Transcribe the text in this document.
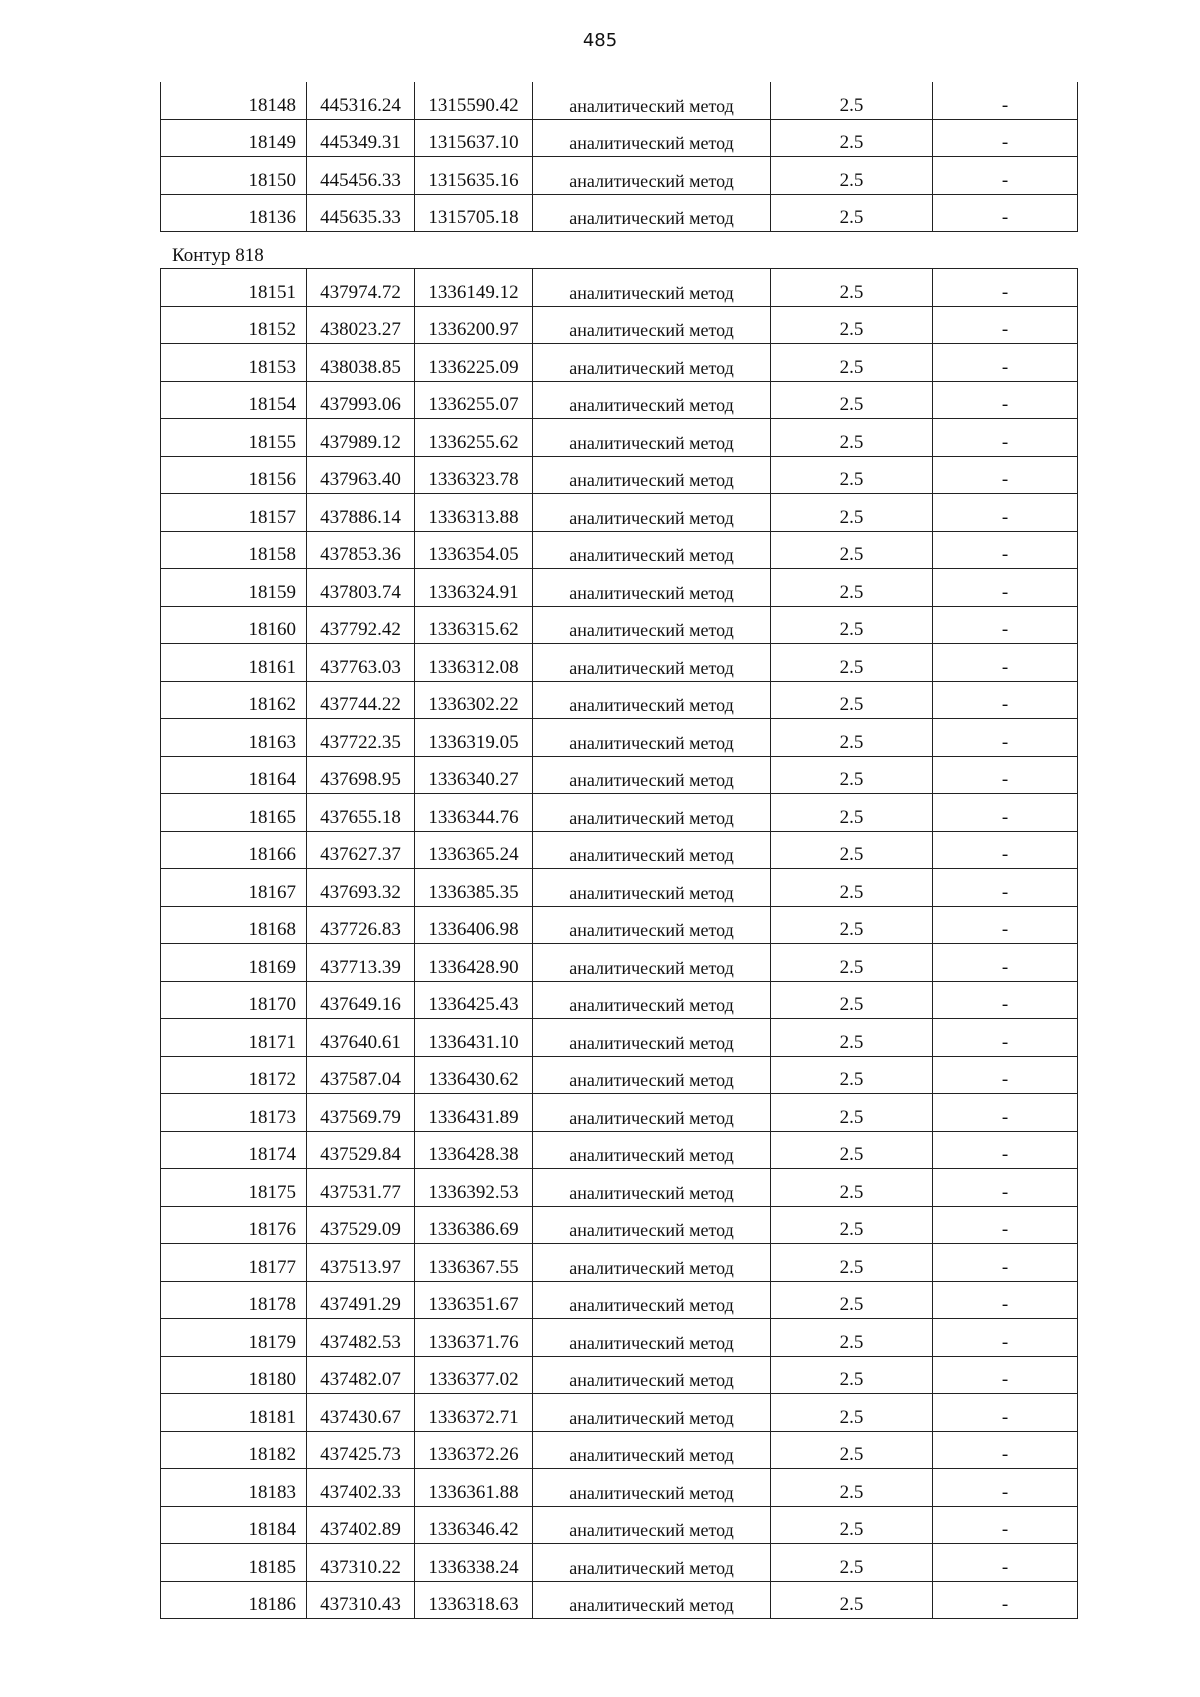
485
18148	445316.24	1315590.42	аналитический метод	2.5	-
18149	445349.31	1315637.10	аналитический метод	2.5	-
18150	445456.33	1315635.16	аналитический метод	2.5	-
18136	445635.33	1315705.18	аналитический метод	2.5	-
Контур 818
18151	437974.72	1336149.12	аналитический метод	2.5	-
18152	438023.27	1336200.97	аналитический метод	2.5	-
18153	438038.85	1336225.09	аналитический метод	2.5	-
18154	437993.06	1336255.07	аналитический метод	2.5	-
18155	437989.12	1336255.62	аналитический метод	2.5	-
18156	437963.40	1336323.78	аналитический метод	2.5	-
18157	437886.14	1336313.88	аналитический метод	2.5	-
18158	437853.36	1336354.05	аналитический метод	2.5	-
18159	437803.74	1336324.91	аналитический метод	2.5	-
18160	437792.42	1336315.62	аналитический метод	2.5	-
18161	437763.03	1336312.08	аналитический метод	2.5	-
18162	437744.22	1336302.22	аналитический метод	2.5	-
18163	437722.35	1336319.05	аналитический метод	2.5	-
18164	437698.95	1336340.27	аналитический метод	2.5	-
18165	437655.18	1336344.76	аналитический метод	2.5	-
18166	437627.37	1336365.24	аналитический метод	2.5	-
18167	437693.32	1336385.35	аналитический метод	2.5	-
18168	437726.83	1336406.98	аналитический метод	2.5	-
18169	437713.39	1336428.90	аналитический метод	2.5	-
18170	437649.16	1336425.43	аналитический метод	2.5	-
18171	437640.61	1336431.10	аналитический метод	2.5	-
18172	437587.04	1336430.62	аналитический метод	2.5	-
18173	437569.79	1336431.89	аналитический метод	2.5	-
18174	437529.84	1336428.38	аналитический метод	2.5	-
18175	437531.77	1336392.53	аналитический метод	2.5	-
18176	437529.09	1336386.69	аналитический метод	2.5	-
18177	437513.97	1336367.55	аналитический метод	2.5	-
18178	437491.29	1336351.67	аналитический метод	2.5	-
18179	437482.53	1336371.76	аналитический метод	2.5	-
18180	437482.07	1336377.02	аналитический метод	2.5	-
18181	437430.67	1336372.71	аналитический метод	2.5	-
18182	437425.73	1336372.26	аналитический метод	2.5	-
18183	437402.33	1336361.88	аналитический метод	2.5	-
18184	437402.89	1336346.42	аналитический метод	2.5	-
18185	437310.22	1336338.24	аналитический метод	2.5	-
18186	437310.43	1336318.63	аналитический метод	2.5	-
